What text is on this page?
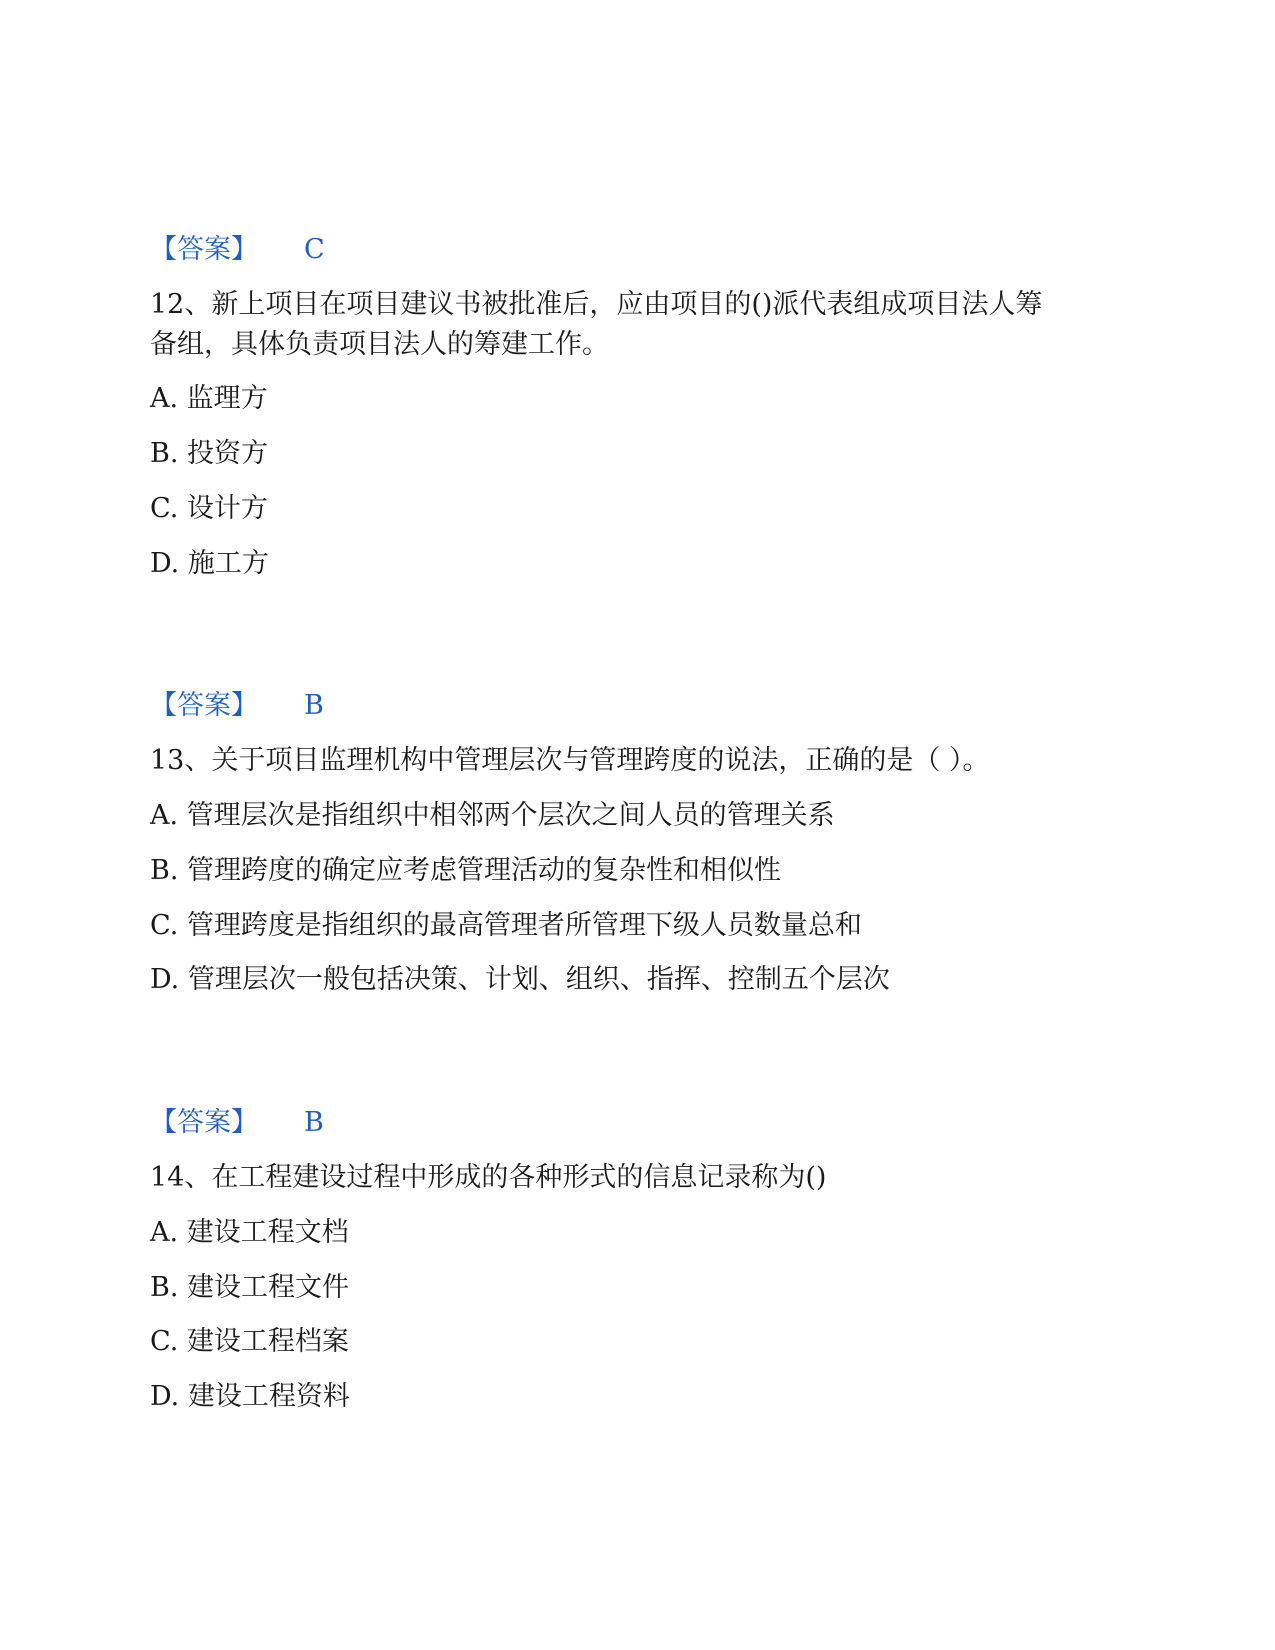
【答案】 C
12、新上项目在项目建议书被批准后，应由项目的()派代表组成项目法人筹
备组，具体负责项目法人的筹建工作。
A. 监理方
B. 投资方
C. 设计方
D. 施工方
【答案】 B
13、关于项目监理机构中管理层次与管理跨度的说法，正确的是（ ）。
A. 管理层次是指组织中相邻两个层次之间人员的管理关系
B. 管理跨度的确定应考虑管理活动的复杂性和相似性
C. 管理跨度是指组织的最高管理者所管理下级人员数量总和
D. 管理层次一般包括决策、计划、组织、指挥、控制五个层次
【答案】 B
14、在工程建设过程中形成的各种形式的信息记录称为()
A. 建设工程文档
B. 建设工程文件
C. 建设工程档案
D. 建设工程资料
